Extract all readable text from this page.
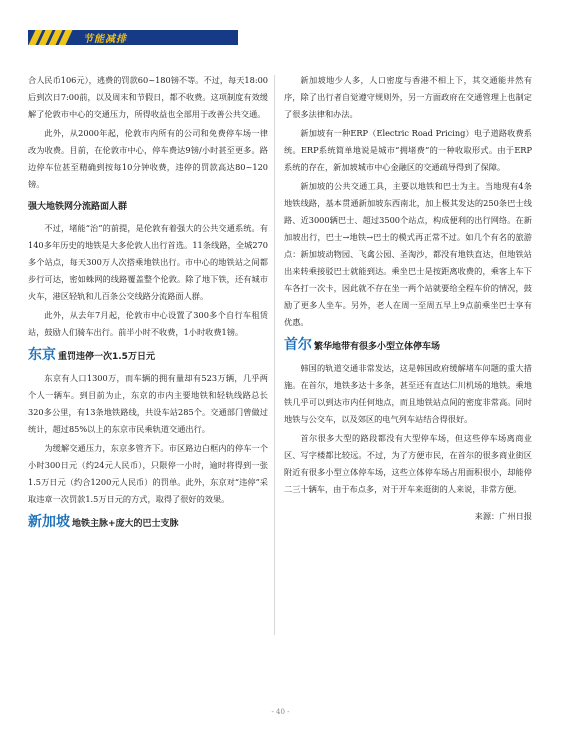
节能减排

合人民币106元），逃费的罚款60~180镑不等。不过，每天18:00后到次日7:00前，以及周末和节假日，都不收费。这项制度有效缓解了伦敦市中心的交通压力，所得收益也全部用于改善公共交通。

此外，从2000年起，伦敦市内所有的公司和免费停车场一律改为收费。目前，在伦敦市中心，停车费达9镑/小时甚至更多。路边停车位甚至精确到按每10分钟收费，违停的罚款高达80~120镑。

强大地铁网分流路面人群

不过，堵能“治”的前提，是伦敦有着强大的公共交通系统。有140多年历史的地铁是大多伦敦人出行首选。11条线路，全城270多个站点，每天300万人次搭乘地铁出行。市中心的地铁站之间都步行可达，密如蛛网的线路覆盖整个伦敦。除了地下铁，还有城市火车，港区轻轨和儿百条公交线路分流路面人群。

此外，从去年7月起，伦敦市中心设置了300多个自行车租赁站，鼓励人们骑车出行。前半小时不收费，1小时收费1镑。

东京 重罚违停一次1.5万日元

东京有人口1300万，而车辆的拥有量却有523万辆，几乎两个人一辆车。到目前为止，东京的市内主要地铁和轻轨线路总长320多公里，有13条地铁路线，共设车站285个。交通部门曾做过统计，超过85%以上的东京市民乘轨道交通出行。

为缓解交通压力，东京多管齐下。市区路边白框内的停车一个小时300日元（约24元人民币），只限停一小时，逾时将得到一张1.5万日元（约合1200元人民币）的罚单。此外，东京对“违停”采取违章一次罚款1.5万日元的方式，取得了很好的效果。

新加坡 地铁主脉+庞大的巴士支脉

新加坡地少人多，人口密度与香港不相上下，其交通能井然有序，除了出行者自觉遵守规则外，另一方面政府在交通管理上也制定了很多法律和办法。

新加坡有一种ERP（Electric Road Pricing）电子道路收费系统。ERP系统简单地说是城市“拥堵费”的一种收取形式。由于ERP系统的存在，新加坡城市中心金融区的交通疏导得到了保障。

新加坡的公共交通工具，主要以地铁和巴士为主。当地现有4条地铁线路，基本贯通新加坡东西南北，加上极其发达的250条巴士线路、近3000辆巴士、超过3500个站点，构成便利的出行网络。在新加坡出行，巴士→地铁→巴士的模式再正常不过。如几个有名的旅游点：新加坡动物园、飞禽公园、圣淘沙，都没有地铁直达，但地铁站出来转乘接驳巴士就能到达。乘坐巴士是按距离收费的，乘客上车下车各打一次卡，因此就不存在坐一两个站就要给全程车价的情况，鼓励了更多人坐车。另外，老人在周一至周五早上9点前乘坐巴士享有优惠。

首尔 繁华地带有很多小型立体停车场

韩国的轨道交通非常发达，这是韩国政府缓解堵车问题的重大措施。在首尔，地铁多达十多条，甚至还有直达仁川机场的地铁。乘地铁几乎可以到达市内任何地点，而且地铁站点间的密度非常高。同时地铁与公交车，以及郊区的电气列车站结合得很好。

首尔很多大型的路段都没有大型停车场，但这些停车场离商业区、写字楼都比较远。不过，为了方便市民，在首尔的很多商业街区附近有很多小型立体停车场，这些立体停车场占用面积很小，却能停二三十辆车，由于布点多，对于开车来逛街的人来说，非常方便。

来源：广州日报
- 40 -
